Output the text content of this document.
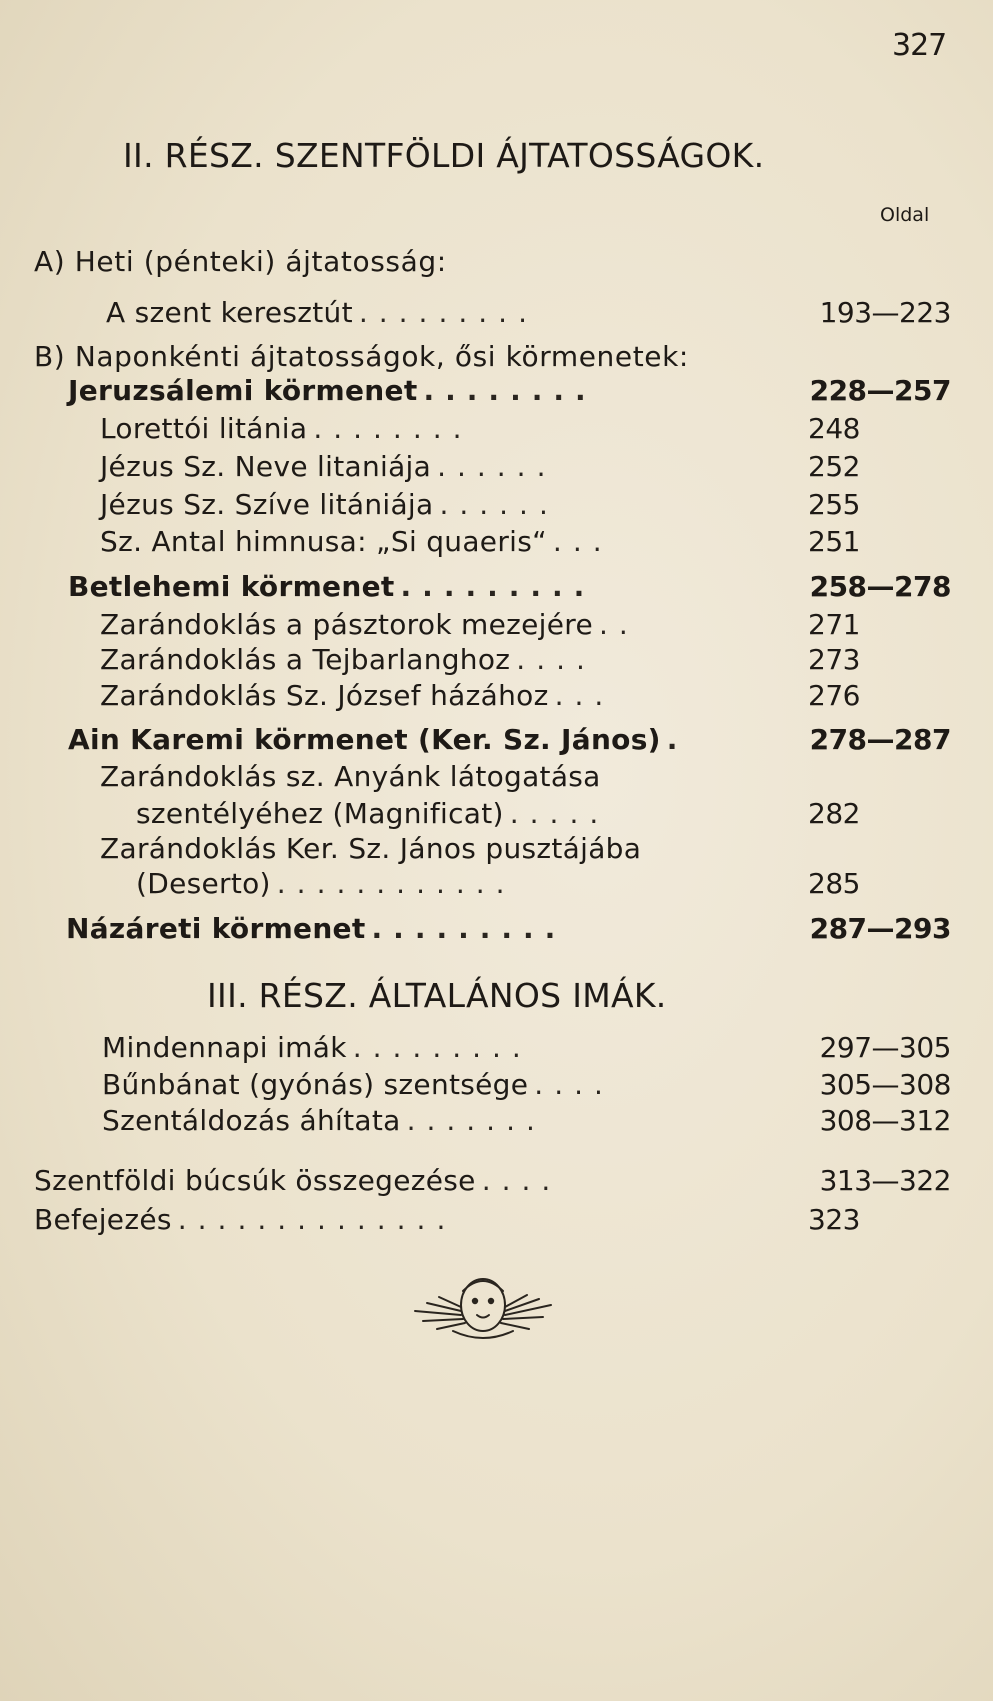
327
II. RÉSZ. SZENTFÖLDI ÁJTATOSSÁGOK.
Oldal
A) Heti (pénteki) ájtatosság:
A szent keresztút .........	193—223
B) Naponkénti ájtatosságok, ősi körmenetek:
Jeruzsálemi körmenet ........	228—257
Lorettói litánia ........	248
Jézus Sz. Neve litaniája ......	252
Jézus Sz. Szíve litániája ......	255
Sz. Antal himnusa: „Si quaeris“ ...	251
Betlehemi körmenet .........	258—278
Zarándoklás a pásztorok mezejére ..	271
Zarándoklás a Tejbarlanghoz ....	273
Zarándoklás Sz. József házához ...	276
Ain Karemi körmenet (Ker. Sz. János) .	278—287
Zarándoklás sz. Anyánk látogatása
szentélyéhez (Magnificat) .....	282
Zarándoklás Ker. Sz. János pusztájába
(Deserto) ............	285
Názáreti körmenet .........	287—293
III. RÉSZ. ÁLTALÁNOS IMÁK.
Mindennapi imák .........	297—305
Bűnbánat (gyónás) szentsége ....	305—308
Szentáldozás áhítata .......	308—312
Szentföldi búcsúk összegezése ....	313—322
Befejezés ..............	323
